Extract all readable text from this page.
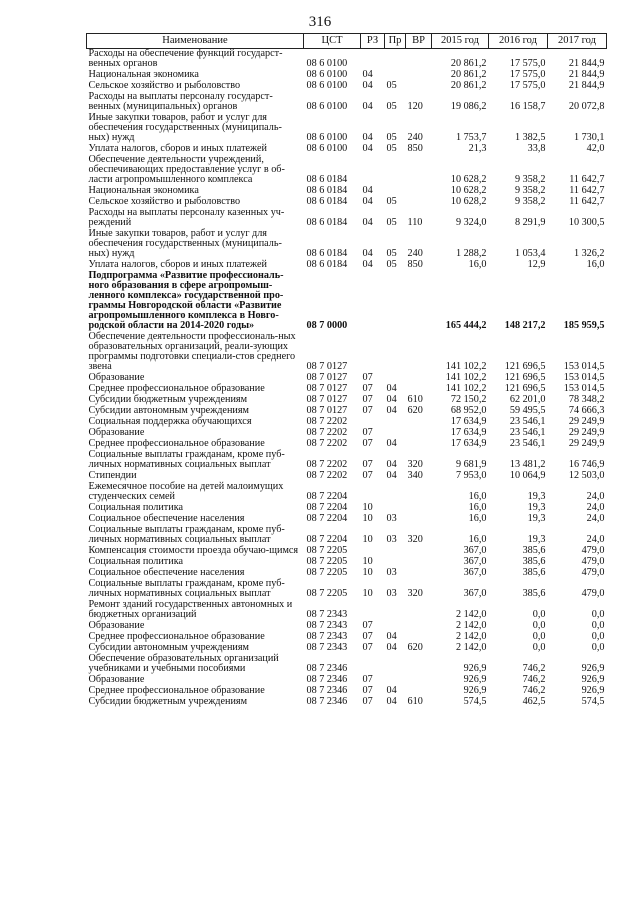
316
Наименование	ЦСТ	РЗ	Пр	ВР	2015 год	2016 год	2017 год
Расходы на обеспечение функций государст-венных органов	08 6 0100				20 861,2	17 575,0	21 844,9
Национальная экономика	08 6 0100	04			20 861,2	17 575,0	21 844,9
Сельское хозяйство и рыболовство	08 6 0100	04	05		20 861,2	17 575,0	21 844,9
Расходы на выплаты персоналу государст-венных (муниципальных) органов	08 6 0100	04	05	120	19 086,2	16 158,7	20 072,8
Иные закупки товаров, работ и услуг для обеспечения государственных (муниципаль-ных) нужд	08 6 0100	04	05	240	1 753,7	1 382,5	1 730,1
Уплата налогов, сборов и иных платежей	08 6 0100	04	05	850	21,3	33,8	42,0
Обеспечение деятельности учреждений, обеспечивающих предоставление услуг в об-ласти агропромышленного комплекса	08 6 0184				10 628,2	9 358,2	11 642,7
Национальная экономика	08 6 0184	04			10 628,2	9 358,2	11 642,7
Сельское хозяйство и рыболовство	08 6 0184	04	05		10 628,2	9 358,2	11 642,7
Расходы на выплаты персоналу казенных уч-реждений	08 6 0184	04	05	110	9 324,0	8 291,9	10 300,5
Иные закупки товаров, работ и услуг для обеспечения государственных (муниципаль-ных) нужд	08 6 0184	04	05	240	1 288,2	1 053,4	1 326,2
Уплата налогов, сборов и иных платежей	08 6 0184	04	05	850	16,0	12,9	16,0
Подпрограмма «Развитие профессиональ-ного образования в сфере агропромыш-ленного комплекса» государственной про-граммы Новгородской области «Развитие агропромышленного комплекса в Новго-родской области на 2014-2020 годы»	08 7 0000				165 444,2	148 217,2	185 959,5
Обеспечение деятельности профессиональ-ных образовательных организаций, реали-зующих программы подготовки специали-стов среднего звена	08 7 0127				141 102,2	121 696,5	153 014,5
Образование	08 7 0127	07			141 102,2	121 696,5	153 014,5
Среднее профессиональное образование	08 7 0127	07	04		141 102,2	121 696,5	153 014,5
Субсидии бюджетным учреждениям	08 7 0127	07	04	610	72 150,2	62 201,0	78 348,2
Субсидии автономным учреждениям	08 7 0127	07	04	620	68 952,0	59 495,5	74 666,3
Социальная поддержка обучающихся	08 7 2202				17 634,9	23 546,1	29 249,9
Образование	08 7 2202	07			17 634,9	23 546,1	29 249,9
Среднее профессиональное образование	08 7 2202	07	04		17 634,9	23 546,1	29 249,9
Социальные выплаты гражданам, кроме пуб-личных нормативных социальных выплат	08 7 2202	07	04	320	9 681,9	13 481,2	16 746,9
Стипендии	08 7 2202	07	04	340	7 953,0	10 064,9	12 503,0
Ежемесячное пособие на детей малоимущих студенческих семей	08 7 2204				16,0	19,3	24,0
Социальная политика	08 7 2204	10			16,0	19,3	24,0
Социальное обеспечение населения	08 7 2204	10	03		16,0	19,3	24,0
Социальные выплаты гражданам, кроме пуб-личных нормативных социальных выплат	08 7 2204	10	03	320	16,0	19,3	24,0
Компенсация стоимости проезда обучаю-щимся	08 7 2205				367,0	385,6	479,0
Социальная политика	08 7 2205	10			367,0	385,6	479,0
Социальное обеспечение населения	08 7 2205	10	03		367,0	385,6	479,0
Социальные выплаты гражданам, кроме пуб-личных нормативных социальных выплат	08 7 2205	10	03	320	367,0	385,6	479,0
Ремонт зданий государственных автономных и бюджетных организаций	08 7 2343				2 142,0	0,0	0,0
Образование	08 7 2343	07			2 142,0	0,0	0,0
Среднее профессиональное образование	08 7 2343	07	04		2 142,0	0,0	0,0
Субсидии автономным учреждениям	08 7 2343	07	04	620	2 142,0	0,0	0,0
Обеспечение образовательных организаций учебниками и учебными пособиями	08 7 2346				926,9	746,2	926,9
Образование	08 7 2346	07			926,9	746,2	926,9
Среднее профессиональное образование	08 7 2346	07	04		926,9	746,2	926,9
Субсидии бюджетным учреждениям	08 7 2346	07	04	610	574,5	462,5	574,5
